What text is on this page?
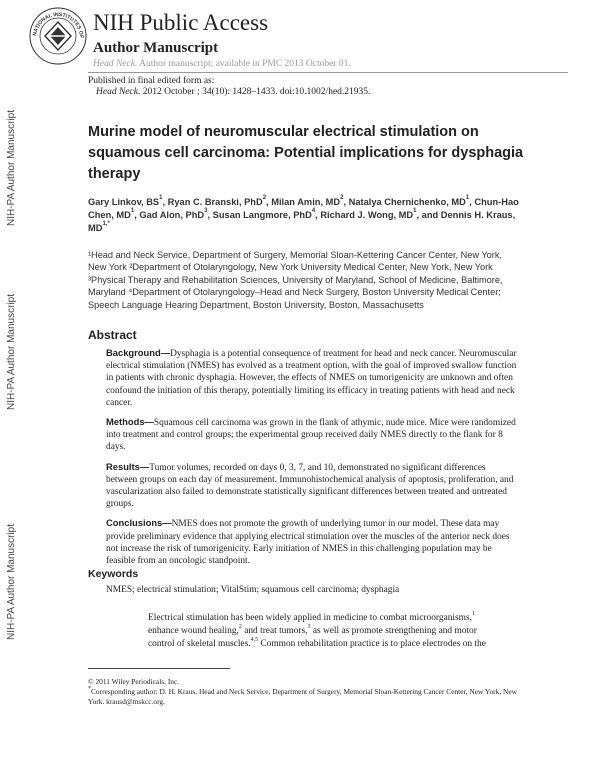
NATIONAL INSTITUTES OF
NIH Public Access
Author Manuscript
Head Neck. Author manuscript; available in PMC 2013 October 01.
Published in final edited form as:
Head Neck. 2012 October ; 34(10): 1428–1433. doi:10.1002/hed.21935.
NIH-PA Author Manuscript
NIH-PA Author Manuscript
NIH-PA Author Manuscript
Murine model of neuromuscular electrical stimulation on squamous cell carcinoma: Potential implications for dysphagia therapy
Gary Linkov, $BS^1$, Ryan C. Branski, PhD$^2$, Milan Amin, $MD^2$, Natalya Chernichenko, $MD^1$, Chun-Hao Chen, $MD^1$, Gad Alon, PhD$^3$, Susan Langmore, PhD$^4$, Richard J. Wong, $MD^1$, and Dennis H. Kraus, $MD^{1,*}$
¹Head and Neck Service, Department of Surgery, Memorial Sloan-Kettering Cancer Center, New York, New York ²Department of Otolaryngology, New York University Medical Center, New York, New York ³Physical Therapy and Rehabilitation Sciences, University of Maryland, School of Medicine, Baltimore, Maryland ⁴Department of Otolaryngology–Head and Neck Surgery, Boston University Medical Center; Speech Language Hearing Department, Boston University, Boston, Massachusetts
Abstract

Background—Dysphagia is a potential consequence of treatment for head and neck cancer. Neuromuscular electrical stimulation (NMES) has evolved as a treatment option, with the goal of improved swallow function in patients with chronic dysphagia. However, the effects of NMES on tumorigenicity are unknown and often confound the initiation of this therapy, potentially limiting its efficacy in treating patients with head and neck cancer.

Methods—Squamous cell carcinoma was grown in the flank of athymic, nude mice. Mice were randomized into treatment and control groups; the experimental group received daily NMES directly to the flank for 8 days.

Results—Tumor volumes, recorded on days 0, 3, 7, and 10, demonstrated no significant differences between groups on each day of measurement. Immunohistochemical analysis of apoptosis, proliferation, and vascularization also failed to demonstrate statistically significant differences between treated and untreated groups.

Conclusions—NMES does not promote the growth of underlying tumor in our model. These data may provide preliminary evidence that applying electrical stimulation over the muscles of the anterior neck does not increase the risk of tumorigenicity. Early initiation of NMES in this challenging population may be feasible from an oncologic standpoint.

Keywords
NMES; electrical stimulation; VitalStim; squamous cell carcinoma; dysphagia
Electrical stimulation has been widely applied in medicine to combat microorganisms,$^1$
enhance wound healing,$^2$ and treat tumors,$^3$ as well as promote strengthening and motor
control of skeletal muscles.$^{4,5}$ Common rehabilitation practice is to place electrodes on the
© 2011 Wiley Periodicals, Inc.
*Corresponding author: D. H. Kraus, Head and Neck Service, Department of Surgery, Memorial Sloan-Kettering Cancer Center, New York, New York. krausd@mskcc.org.
